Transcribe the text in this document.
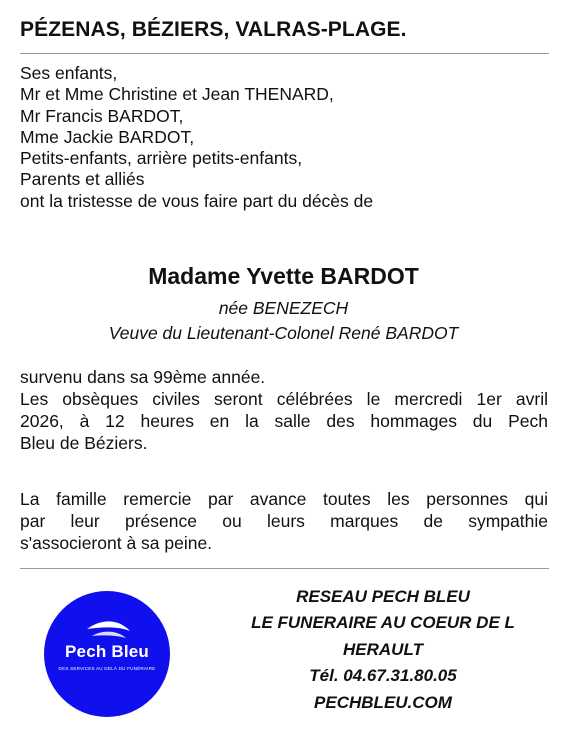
PÉZENAS, BÉZIERS, VALRAS-PLAGE.
Ses enfants,
Mr et Mme Christine et Jean THENARD,
Mr Francis BARDOT,
Mme Jackie BARDOT,
Petits-enfants, arrière petits-enfants,
Parents et alliés
ont la tristesse de vous faire part du décès de
Madame Yvette BARDOT
née BENEZECH
Veuve du Lieutenant-Colonel René BARDOT
survenu dans sa 99ème année.
Les obsèques civiles seront célébrées le mercredi 1er avril
2026, à 12 heures en la salle des hommages du Pech
Bleu de Béziers.
La famille remercie par avance toutes les personnes qui
par leur présence ou leurs marques de sympathie
s'associeront à sa peine.
Pech Bleu
DES SERVICES AU DELÀ DU FUNÉRAIRE
RESEAU PECH BLEU
LE FUNERAIRE AU COEUR DE L
HERAULT
Tél. 04.67.31.80.05
PECHBLEU.COM
